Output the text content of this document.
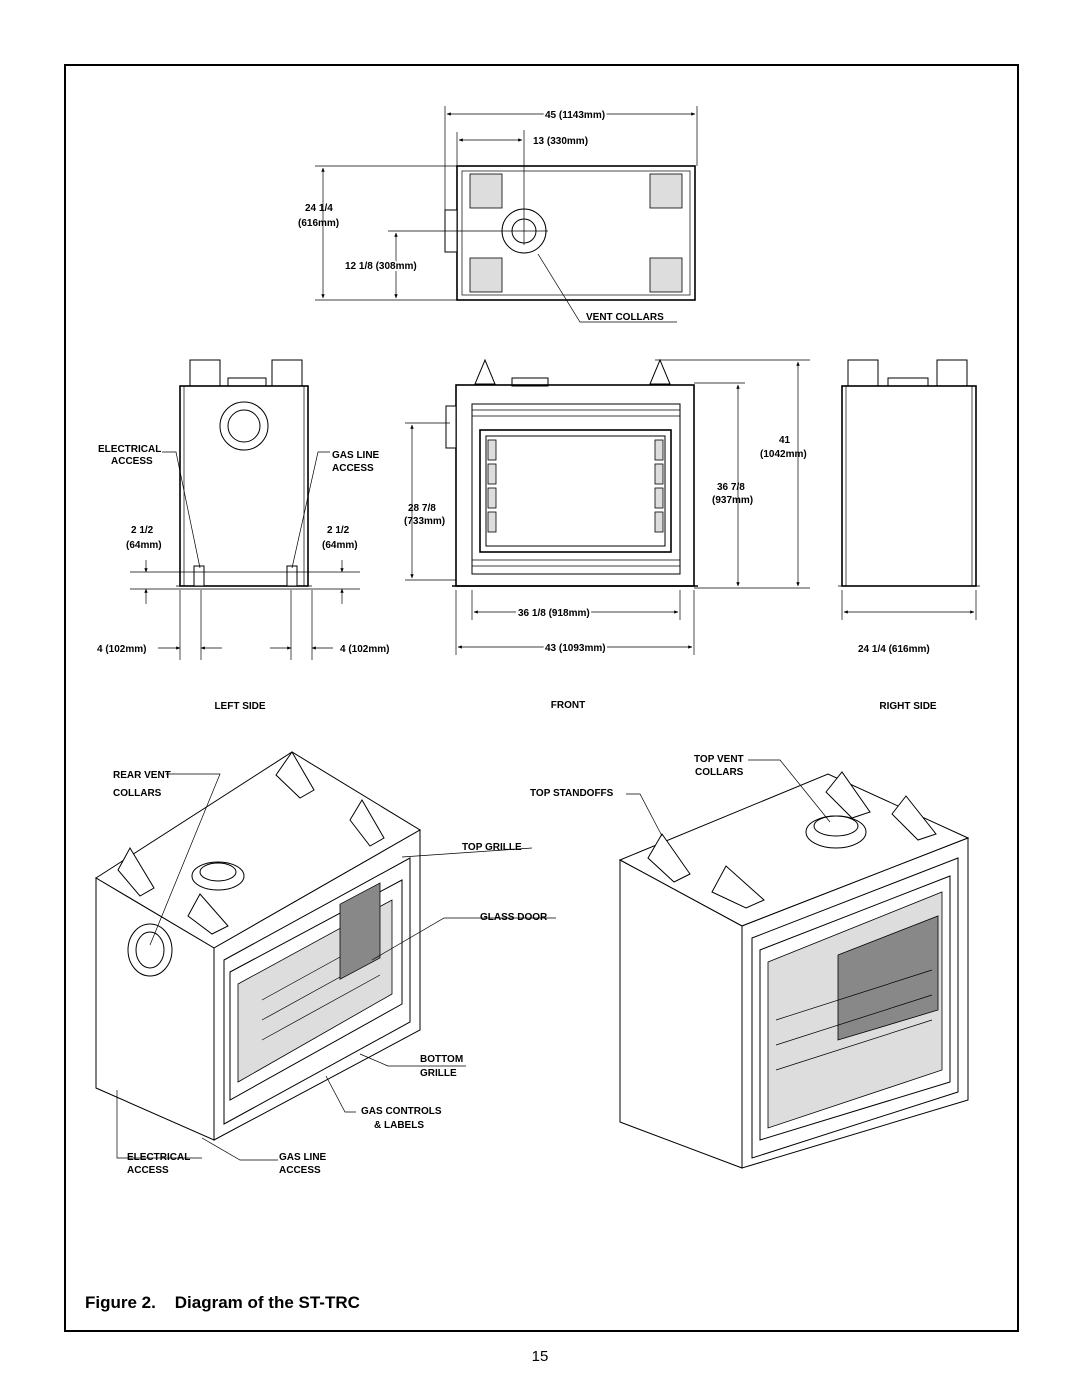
45 (1143mm)
13 (330mm)
24 1/4
(616mm)
12 1/8 (308mm)
VENT COLLARS
ELECTRICAL
ACCESS
GAS LINE
ACCESS
2 1/2
(64mm)
2 1/2
(64mm)
4 (102mm)	4 (102mm)
LEFT SIDE
28 7/8
(733mm)
36 1/8 (918mm)
43 (1093mm)
41
(1042mm)
36 7/8
(937mm)
FRONT
24 1/4 (616mm)
RIGHT SIDE
REAR VENT
COLLARS
TOP GRILLE
GLASS DOOR
BOTTOM
GRILLE
GAS CONTROLS
& LABELS
ELECTRICAL
ACCESS
GAS LINE
ACCESS
TOP VENT
COLLARS
TOP STANDOFFS
Figure 2. Diagram of the ST-TRC
15
